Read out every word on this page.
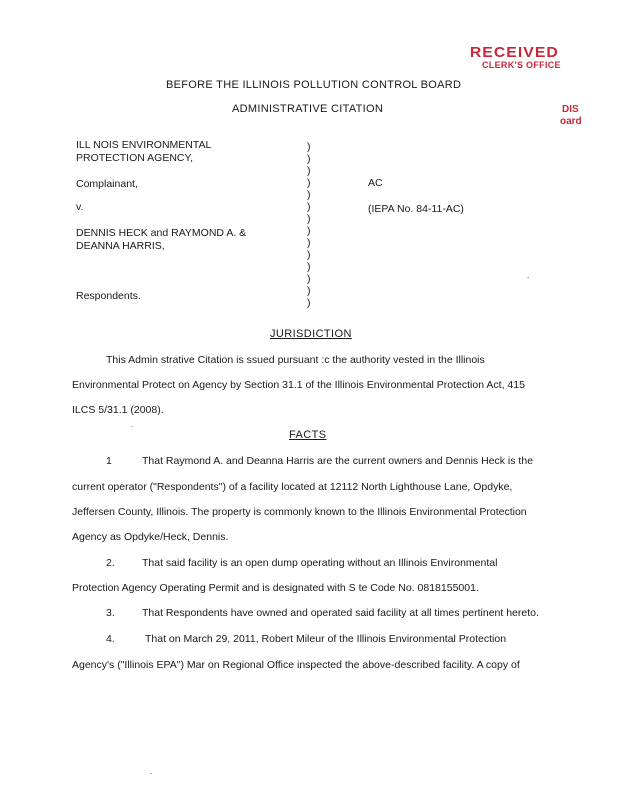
RECEIVED
CLERK'S OFFICE
DIS
oard
BEFORE THE ILLINOIS POLLUTION CONTROL BOARD
ADMINISTRATIVE CITATION
ILL NOIS ENVIRONMENTAL
PROTECTION AGENCY,
Complainant,
v.
DENNIS HECK and RAYMOND A. &
DEANNA HARRIS,
Respondents.
)
)
)
)
)
)
)
)
)
)
)
)
)
)
AC
(IEPA No. 84-11-AC)
.
JURISDICTION
This Admin strative Citation is ssued pursuant :c the authority vested in the Illinois
Environmental Protect on Agency by Section 31.1 of the Illinois Environmental Protection Act, 415
ILCS 5/31.1 (2008).
.
FACTS
1	That Raymond A. and Deanna Harris are the current owners and Dennis Heck is the
current operator ("Respondents") of a facility located at 12112 North Lighthouse Lane, Opdyke,
Jeffersen County, Illinois. The property is commonly known to the Illinois Environmental Protection
Agency as Opdyke/Heck, Dennis.
2.	That said facility is an open dump operating without an Illinois Environmental
Protection Agency Operating Permit and is designated with S te Code No. 0818155001.
3.	That Respondents have owned and operated said facility at all times pertinent hereto.
4.	That on March 29, 2011, Robert Mileur of the Illinois Environmental Protection
Agency's ("Illinois EPA") Mar on Regional Office inspected the above-described facility. A copy of
.
